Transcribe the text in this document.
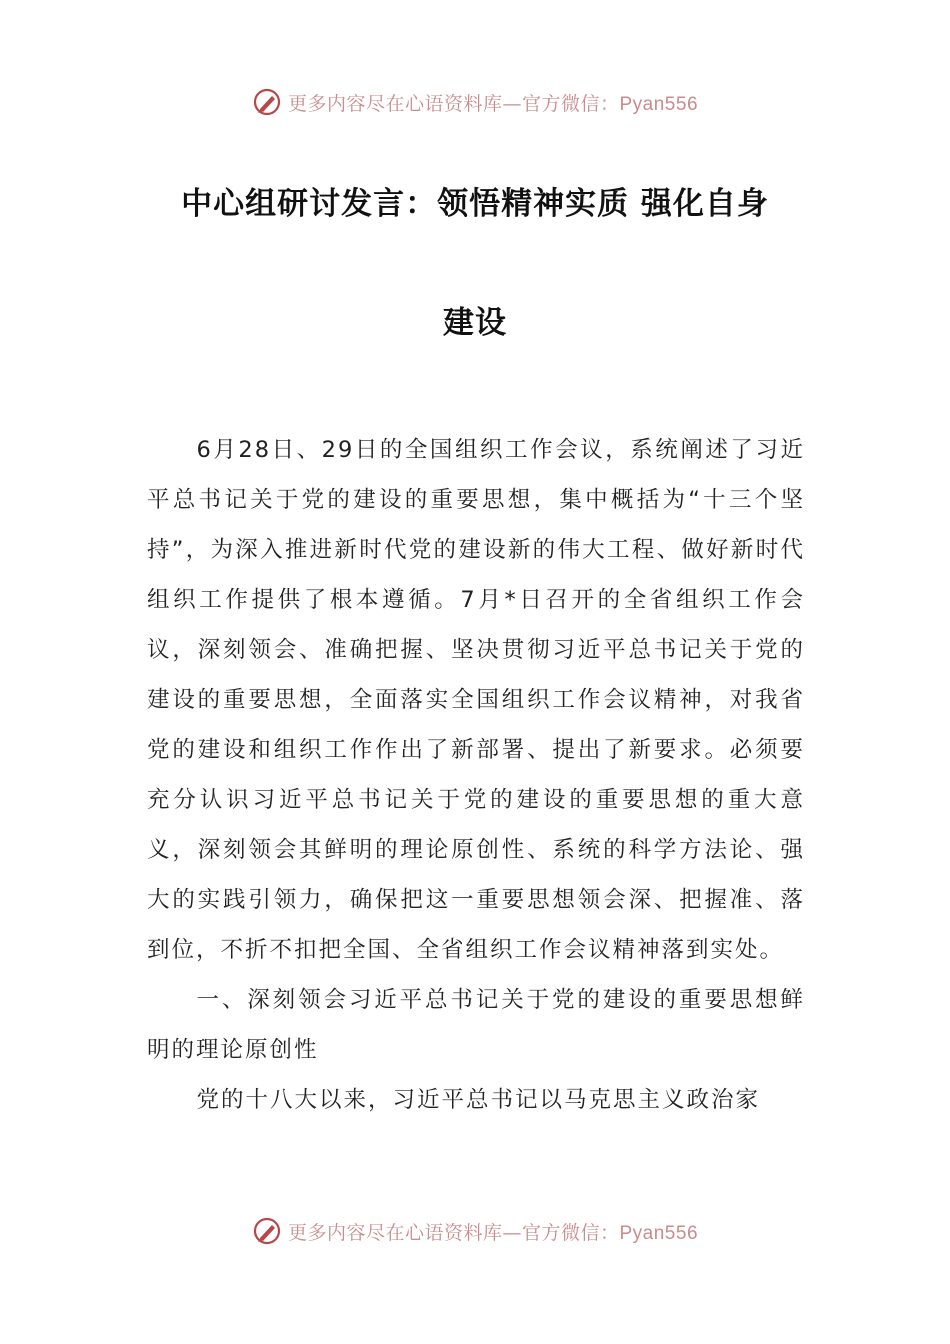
更多内容尽在心语资料库—官方微信：Pyan556
中心组研讨发言：领悟精神实质 强化自身
建设

6月28日、29日的全国组织工作会议，系统阐述了习近平总书记关于党的建设的重要思想，集中概括为“十三个坚持”，为深入推进新时代党的建设新的伟大工程、做好新时代组织工作提供了根本遵循。7月*日召开的全省组织工作会议，深刻领会、准确把握、坚决贯彻习近平总书记关于党的建设的重要思想，全面落实全国组织工作会议精神，对我省党的建设和组织工作作出了新部署、提出了新要求。必须要充分认识习近平总书记关于党的建设的重要思想的重大意义，深刻领会其鲜明的理论原创性、系统的科学方法论、强大的实践引领力，确保把这一重要思想领会深、把握准、落到位，不折不扣把全国、全省组织工作会议精神落到实处。

一、深刻领会习近平总书记关于党的建设的重要思想鲜明的理论原创性

党的十八大以来，习近平总书记以马克思主义政治家

更多内容尽在心语资料库—官方微信：Pyan556
